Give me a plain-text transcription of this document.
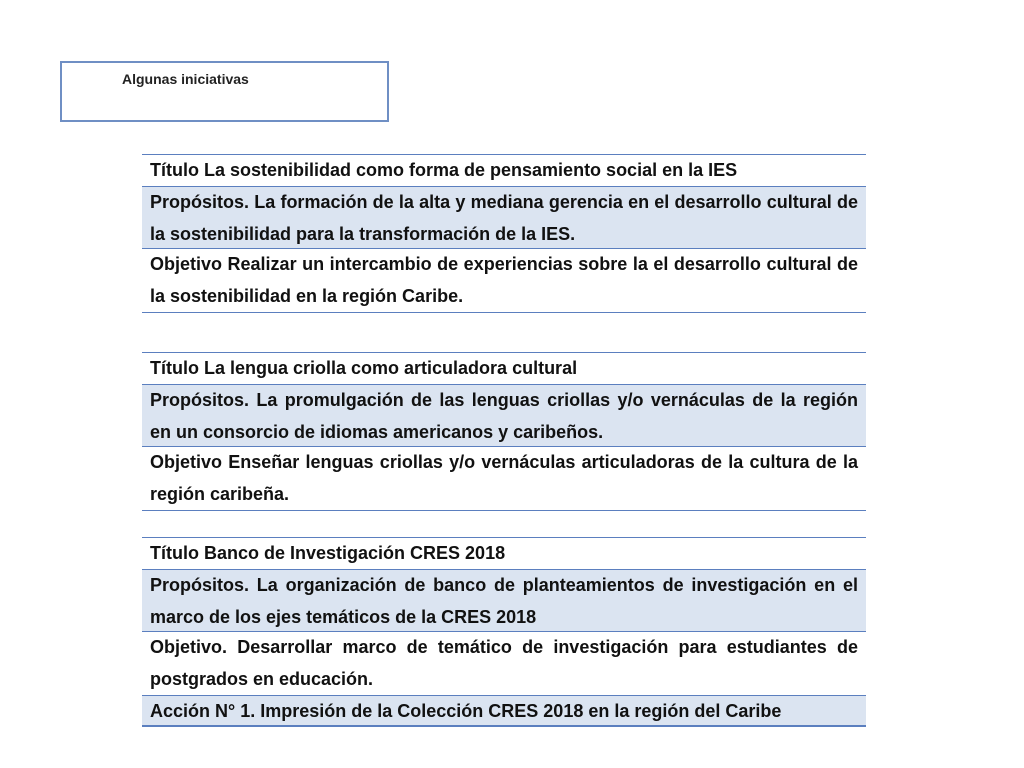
Algunas iniciativas
Título La sostenibilidad como forma de pensamiento social en la IES
Propósitos. La formación de la alta y mediana gerencia en el desarrollo cultural de la sostenibilidad para la transformación de la IES.
Objetivo Realizar un intercambio de experiencias sobre la el desarrollo cultural de la sostenibilidad en la región Caribe.
Título La lengua criolla como articuladora cultural
Propósitos. La promulgación de las lenguas criollas y/o vernáculas de la región en un consorcio de idiomas americanos y caribeños.
Objetivo Enseñar lenguas criollas y/o vernáculas articuladoras de la cultura de la región caribeña.
Título Banco de Investigación CRES 2018
Propósitos. La organización de banco de planteamientos de investigación en el marco de los ejes temáticos de la CRES 2018
Objetivo. Desarrollar marco de temático de investigación para estudiantes de postgrados en educación.
Acción N° 1. Impresión de la Colección CRES 2018 en la región del Caribe
